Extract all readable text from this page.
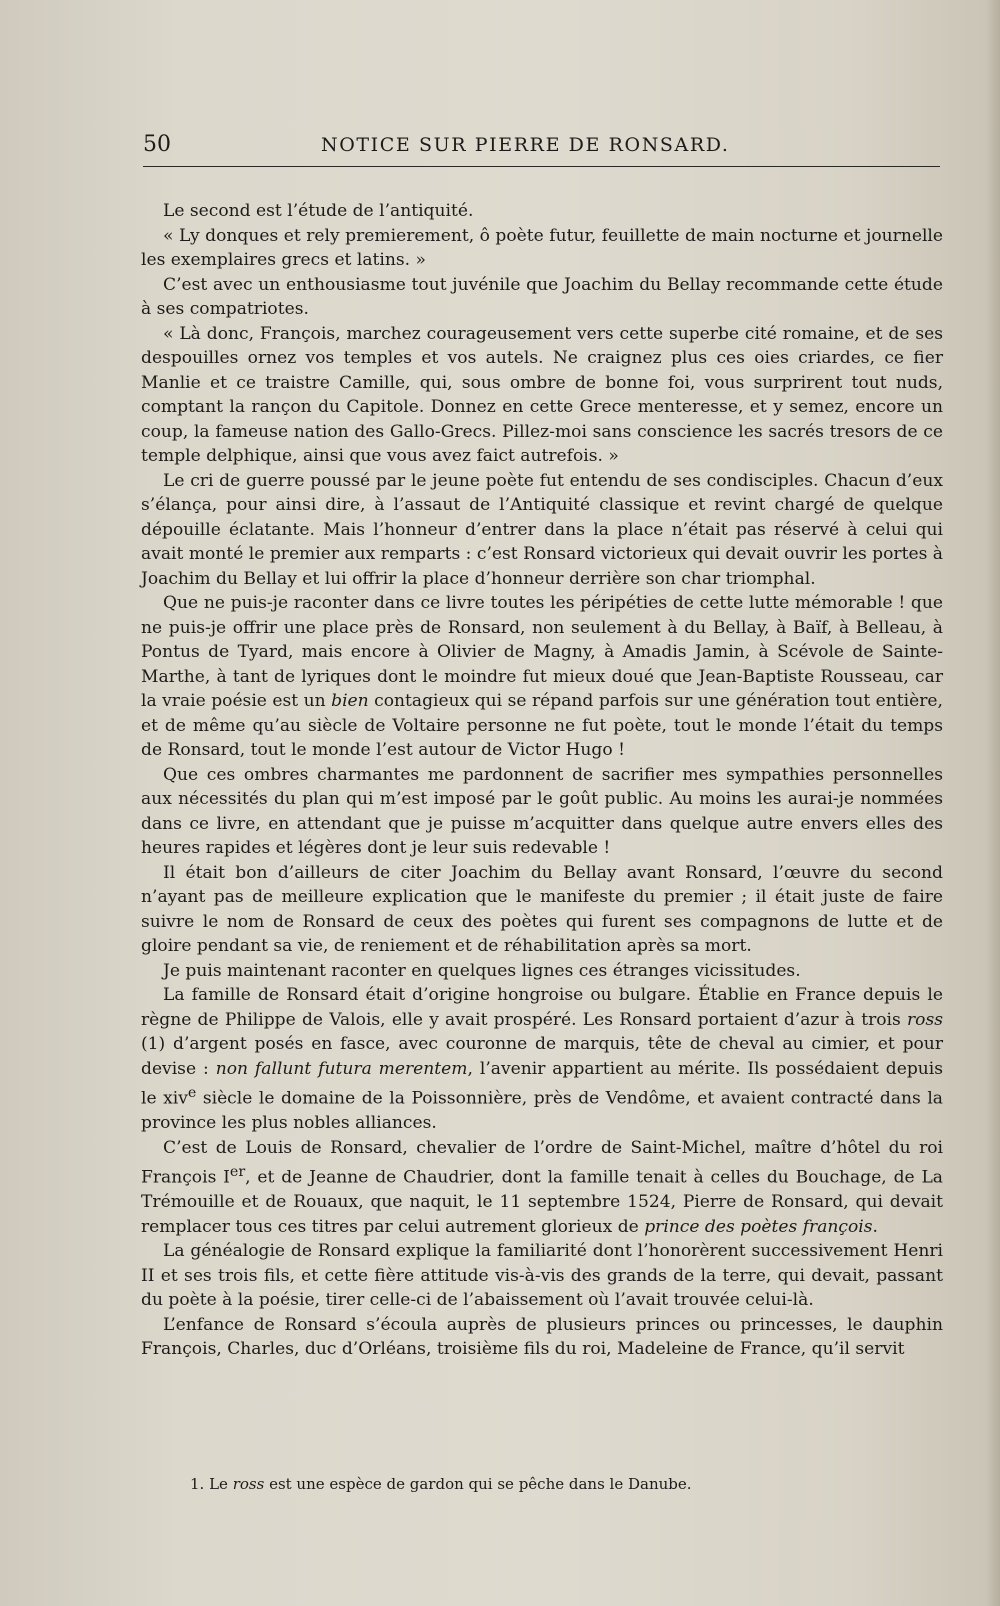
50	NOTICE SUR PIERRE DE RONSARD.

Le second est l’étude de l’antiquité.

« Ly donques et rely premierement, ô poète futur, feuillette de main nocturne et journelle les exemplaires grecs et latins. »

C’est avec un enthousiasme tout juvénile que Joachim du Bellay recommande cette étude à ses compatriotes.

« Là donc, François, marchez courageusement vers cette superbe cité romaine, et de ses despouilles ornez vos temples et vos autels. Ne craignez plus ces oies criardes, ce fier Manlie et ce traistre Camille, qui, sous ombre de bonne foi, vous surprirent tout nuds, comptant la rançon du Capitole. Donnez en cette Grece menteresse, et y semez, encore un coup, la fameuse nation des Gallo-Grecs. Pillez-moi sans conscience les sacrés tresors de ce temple delphique, ainsi que vous avez faict autrefois. »

Le cri de guerre poussé par le jeune poète fut entendu de ses condisciples. Chacun d’eux s’élança, pour ainsi dire, à l’assaut de l’Antiquité classique et revint chargé de quelque dépouille éclatante. Mais l’honneur d’entrer dans la place n’était pas réservé à celui qui avait monté le premier aux remparts : c’est Ronsard victorieux qui devait ouvrir les portes à Joachim du Bellay et lui offrir la place d’honneur derrière son char triomphal.

Que ne puis-je raconter dans ce livre toutes les péripéties de cette lutte mémorable ! que ne puis-je offrir une place près de Ronsard, non seulement à du Bellay, à Baïf, à Belleau, à Pontus de Tyard, mais encore à Olivier de Magny, à Amadis Jamin, à Scévole de Sainte-Marthe, à tant de lyriques dont le moindre fut mieux doué que Jean-Baptiste Rousseau, car la vraie poésie est un bien contagieux qui se répand parfois sur une génération tout entière, et de même qu’au siècle de Voltaire personne ne fut poète, tout le monde l’était du temps de Ronsard, tout le monde l’est autour de Victor Hugo !

Que ces ombres charmantes me pardonnent de sacrifier mes sympathies personnelles aux nécessités du plan qui m’est imposé par le goût public. Au moins les aurai-je nommées dans ce livre, en attendant que je puisse m’acquitter dans quelque autre envers elles des heures rapides et légères dont je leur suis redevable !

Il était bon d’ailleurs de citer Joachim du Bellay avant Ronsard, l’œuvre du second n’ayant pas de meilleure explication que le manifeste du premier ; il était juste de faire suivre le nom de Ronsard de ceux des poètes qui furent ses compagnons de lutte et de gloire pendant sa vie, de reniement et de réhabilitation après sa mort.

Je puis maintenant raconter en quelques lignes ces étranges vicissitudes.

La famille de Ronsard était d’origine hongroise ou bulgare. Établie en France depuis le règne de Philippe de Valois, elle y avait prospéré. Les Ronsard portaient d’azur à trois ross (1) d’argent posés en fasce, avec couronne de marquis, tête de cheval au cimier, et pour devise : non fallunt futura merentem, l’avenir appartient au mérite. Ils possédaient depuis le xiv$^e$ siècle le domaine de la Poissonnière, près de Vendôme, et avaient contracté dans la province les plus nobles alliances.

C’est de Louis de Ronsard, chevalier de l’ordre de Saint-Michel, maître d’hôtel du roi François Ier, et de Jeanne de Chaudrier, dont la famille tenait à celles du Bouchage, de La Trémouille et de Rouaux, que naquit, le 11 septembre 1524, Pierre de Ronsard, qui devait remplacer tous ces titres par celui autrement glorieux de prince des poètes françois.

La généalogie de Ronsard explique la familiarité dont l’honorèrent successivement Henri II et ses trois fils, et cette fière attitude vis-à-vis des grands de la terre, qui devait, passant du poète à la poésie, tirer celle-ci de l’abaissement où l’avait trouvée celui-là.

L’enfance de Ronsard s’écoula auprès de plusieurs princes ou princesses, le dauphin François, Charles, duc d’Orléans, troisième fils du roi, Madeleine de France, qu’il servit

1. Le ross est une espèce de gardon qui se pêche dans le Danube.
